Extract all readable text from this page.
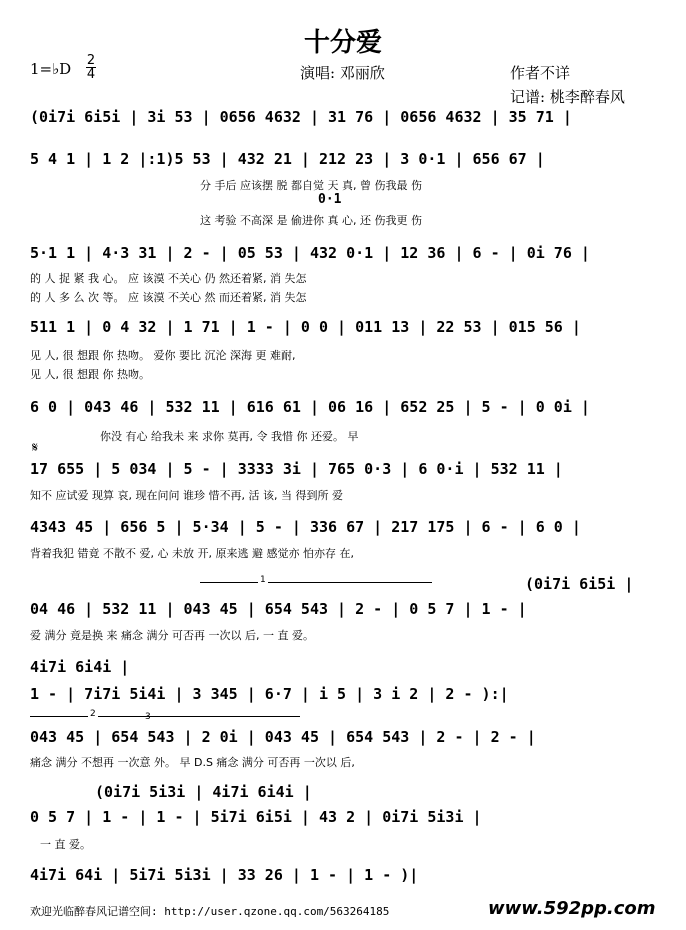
十分爱
1=♭D 2
4	演唱: 邓丽欣	作者不详
记谱: 桃李醉春风
(0i7i 6i5i | 3i 53 | 0656 4632 | 31 76 | 0656 4632 | 35 71 |
5 4 1 | 1 2 |:1)5 53 | 432 21 | 212 23 | 3 0·1 | 656 67 |
分 手后 应该摆 脱 都自觉 天 真, 曾 伤我最 伤
0·1
这 考验 不高深 是 偷进你 真 心, 还 伤我更 伤
5·1 1 | 4·3 31 | 2 - | 05 53 | 432 0·1 | 12 36 | 6 - | 0i 76 |
的 人 捉 紧 我 心。 应 该漠 不关心 仍 然还着紧, 消 失怎
的 人 多 么 次 等。 应 该漠 不关心 然 而还着紧, 消 失怎
511 1 | 0 4 32 | 1 71 | 1 - | 0 0 | 011 13 | 22 53 | 015 56 |
见 人, 很 想跟 你 热吻。 爱你 要比 沉沦 深海 更 难耐,
见 人, 很 想跟 你 热吻。
6 0 | 043 46 | 532 11 | 616 61 | 06 16 | 652 25 | 5 - | 0 0i |
你没 有心 给我未 来 求你 莫再, 令 我惜 你 还爱。 早
𝄋
17 655 | 5 034 | 5 - | 3333 3i | 765 0·3 | 6 0·i | 532 11 |
知不 应试爱 现算 哀, 现在问问 谁珍 惜不再, 活 该, 当 得到所 爱
4343 45 | 656 5 | 5·34 | 5 - | 336 67 | 217 175 | 6 - | 6 0 |
背着我犯 错竟 不散不 爱, 心 未放 开, 原来逃 避 感觉亦 怕亦存 在,
1	(0i7i 6i5i |
04 46 | 532 11 | 043 45 | 654 543 | 2 - | 0 5 7 | 1 - |
爱 满分 竟是换 来 痛念 满分 可否再 一次以 后, 一 直 爱。
4i7i 6i4i |
1 - | 7i7i 5i4i | 3 345 | 6·7 | i 5 | 3 i 2 | 2 - ):|
2	3
043 45 | 654 543 | 2 0i | 043 45 | 654 543 | 2 - | 2 - |
痛念 满分 不想再 一次意 外。 早 D.S 痛念 满分 可否再 一次以 后,
(0i7i 5i3i | 4i7i 6i4i |
0 5 7 | 1 - | 1 - | 5i7i 6i5i | 43 2 | 0i7i 5i3i |
一 直 爱。
4i7i 64i | 5i7i 5i3i | 33 26 | 1 - | 1 - )|
欢迎光临醉春风记谱空间: http://user.qzone.qq.com/563264185	www.592pp.com
